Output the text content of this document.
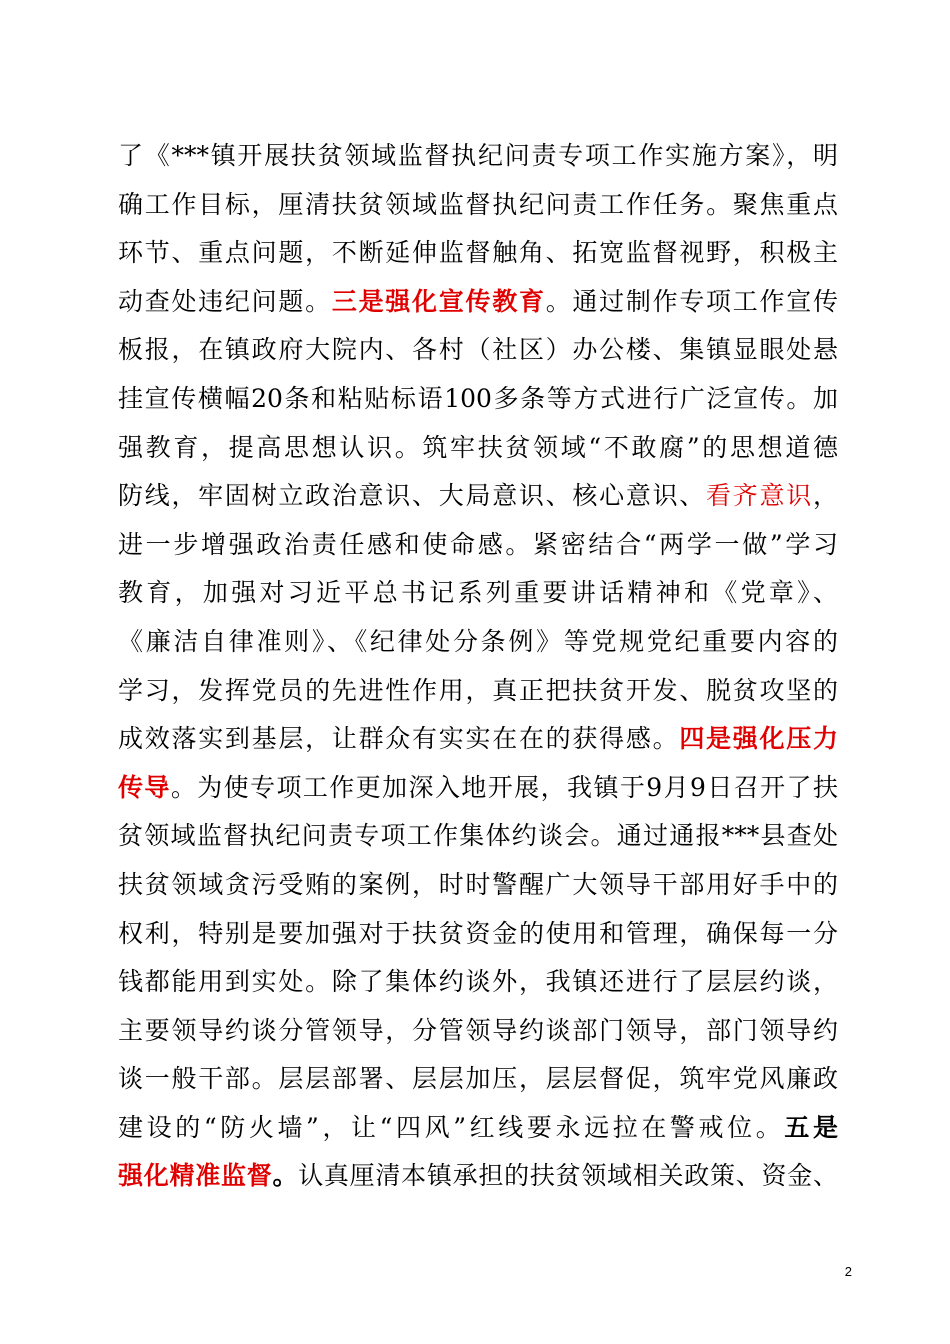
了《***镇开展扶贫领域监督执纪问责专项工作实施方案》，明
确工作目标，厘清扶贫领域监督执纪问责工作任务。聚焦重点
环节、重点问题，不断延伸监督触角、拓宽监督视野，积极主
动查处违纪问题。三是强化宣传教育。通过制作专项工作宣传
板报，在镇政府大院内、各村（社区）办公楼、集镇显眼处悬
挂宣传横幅20条和粘贴标语100多条等方式进行广泛宣传。加
强教育，提高思想认识。筑牢扶贫领域“不敢腐”的思想道德
防线，牢固树立政治意识、大局意识、核心意识、看齐意识，
进一步增强政治责任感和使命感。紧密结合“两学一做”学习
教育，加强对习近平总书记系列重要讲话精神和《党章》、
《廉洁自律准则》、《纪律处分条例》等党规党纪重要内容的
学习，发挥党员的先进性作用，真正把扶贫开发、脱贫攻坚的
成效落实到基层，让群众有实实在在的获得感。四是强化压力
传导。为使专项工作更加深入地开展，我镇于9月9日召开了扶
贫领域监督执纪问责专项工作集体约谈会。通过通报***县查处
扶贫领域贪污受贿的案例，时时警醒广大领导干部用好手中的
权利，特别是要加强对于扶贫资金的使用和管理，确保每一分
钱都能用到实处。除了集体约谈外，我镇还进行了层层约谈，
主要领导约谈分管领导，分管领导约谈部门领导，部门领导约
谈一般干部。层层部署、层层加压，层层督促，筑牢党风廉政
建设的“防火墙”，让“四风”红线要永远拉在警戒位。五是
强化精准监督。认真厘清本镇承担的扶贫领域相关政策、资金、
2
